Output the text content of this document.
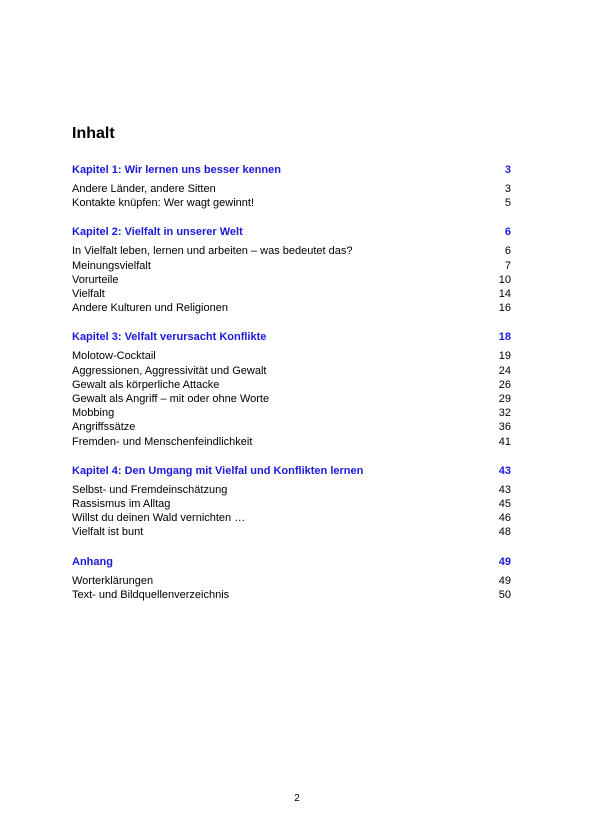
Inhalt
Kapitel 1: Wir lernen uns besser kennen	3
Andere Länder, andere Sitten	3
Kontakte knüpfen: Wer wagt gewinnt!	5
Kapitel 2: Vielfalt in unserer Welt	6
In Vielfalt leben, lernen und arbeiten – was bedeutet das?	6
Meinungsvielfalt	7
Vorurteile	10
Vielfalt	14
Andere Kulturen und Religionen	16
Kapitel 3: Velfalt verursacht Konflikte	18
Molotow-Cocktail	19
Aggressionen, Aggressivität und Gewalt	24
Gewalt als körperliche Attacke	26
Gewalt als Angriff – mit oder ohne Worte	29
Mobbing	32
Angriffssätze	36
Fremden- und Menschenfeindlichkeit	41
Kapitel 4: Den Umgang mit Vielfal und Konflikten lernen	43
Selbst- und Fremdeinschätzung	43
Rassismus im Alltag	45
Willst du deinen Wald vernichten …	46
Vielfalt ist bunt	48
Anhang	49
Worterklärungen	49
Text- und Bildquellenverzeichnis	50
2
